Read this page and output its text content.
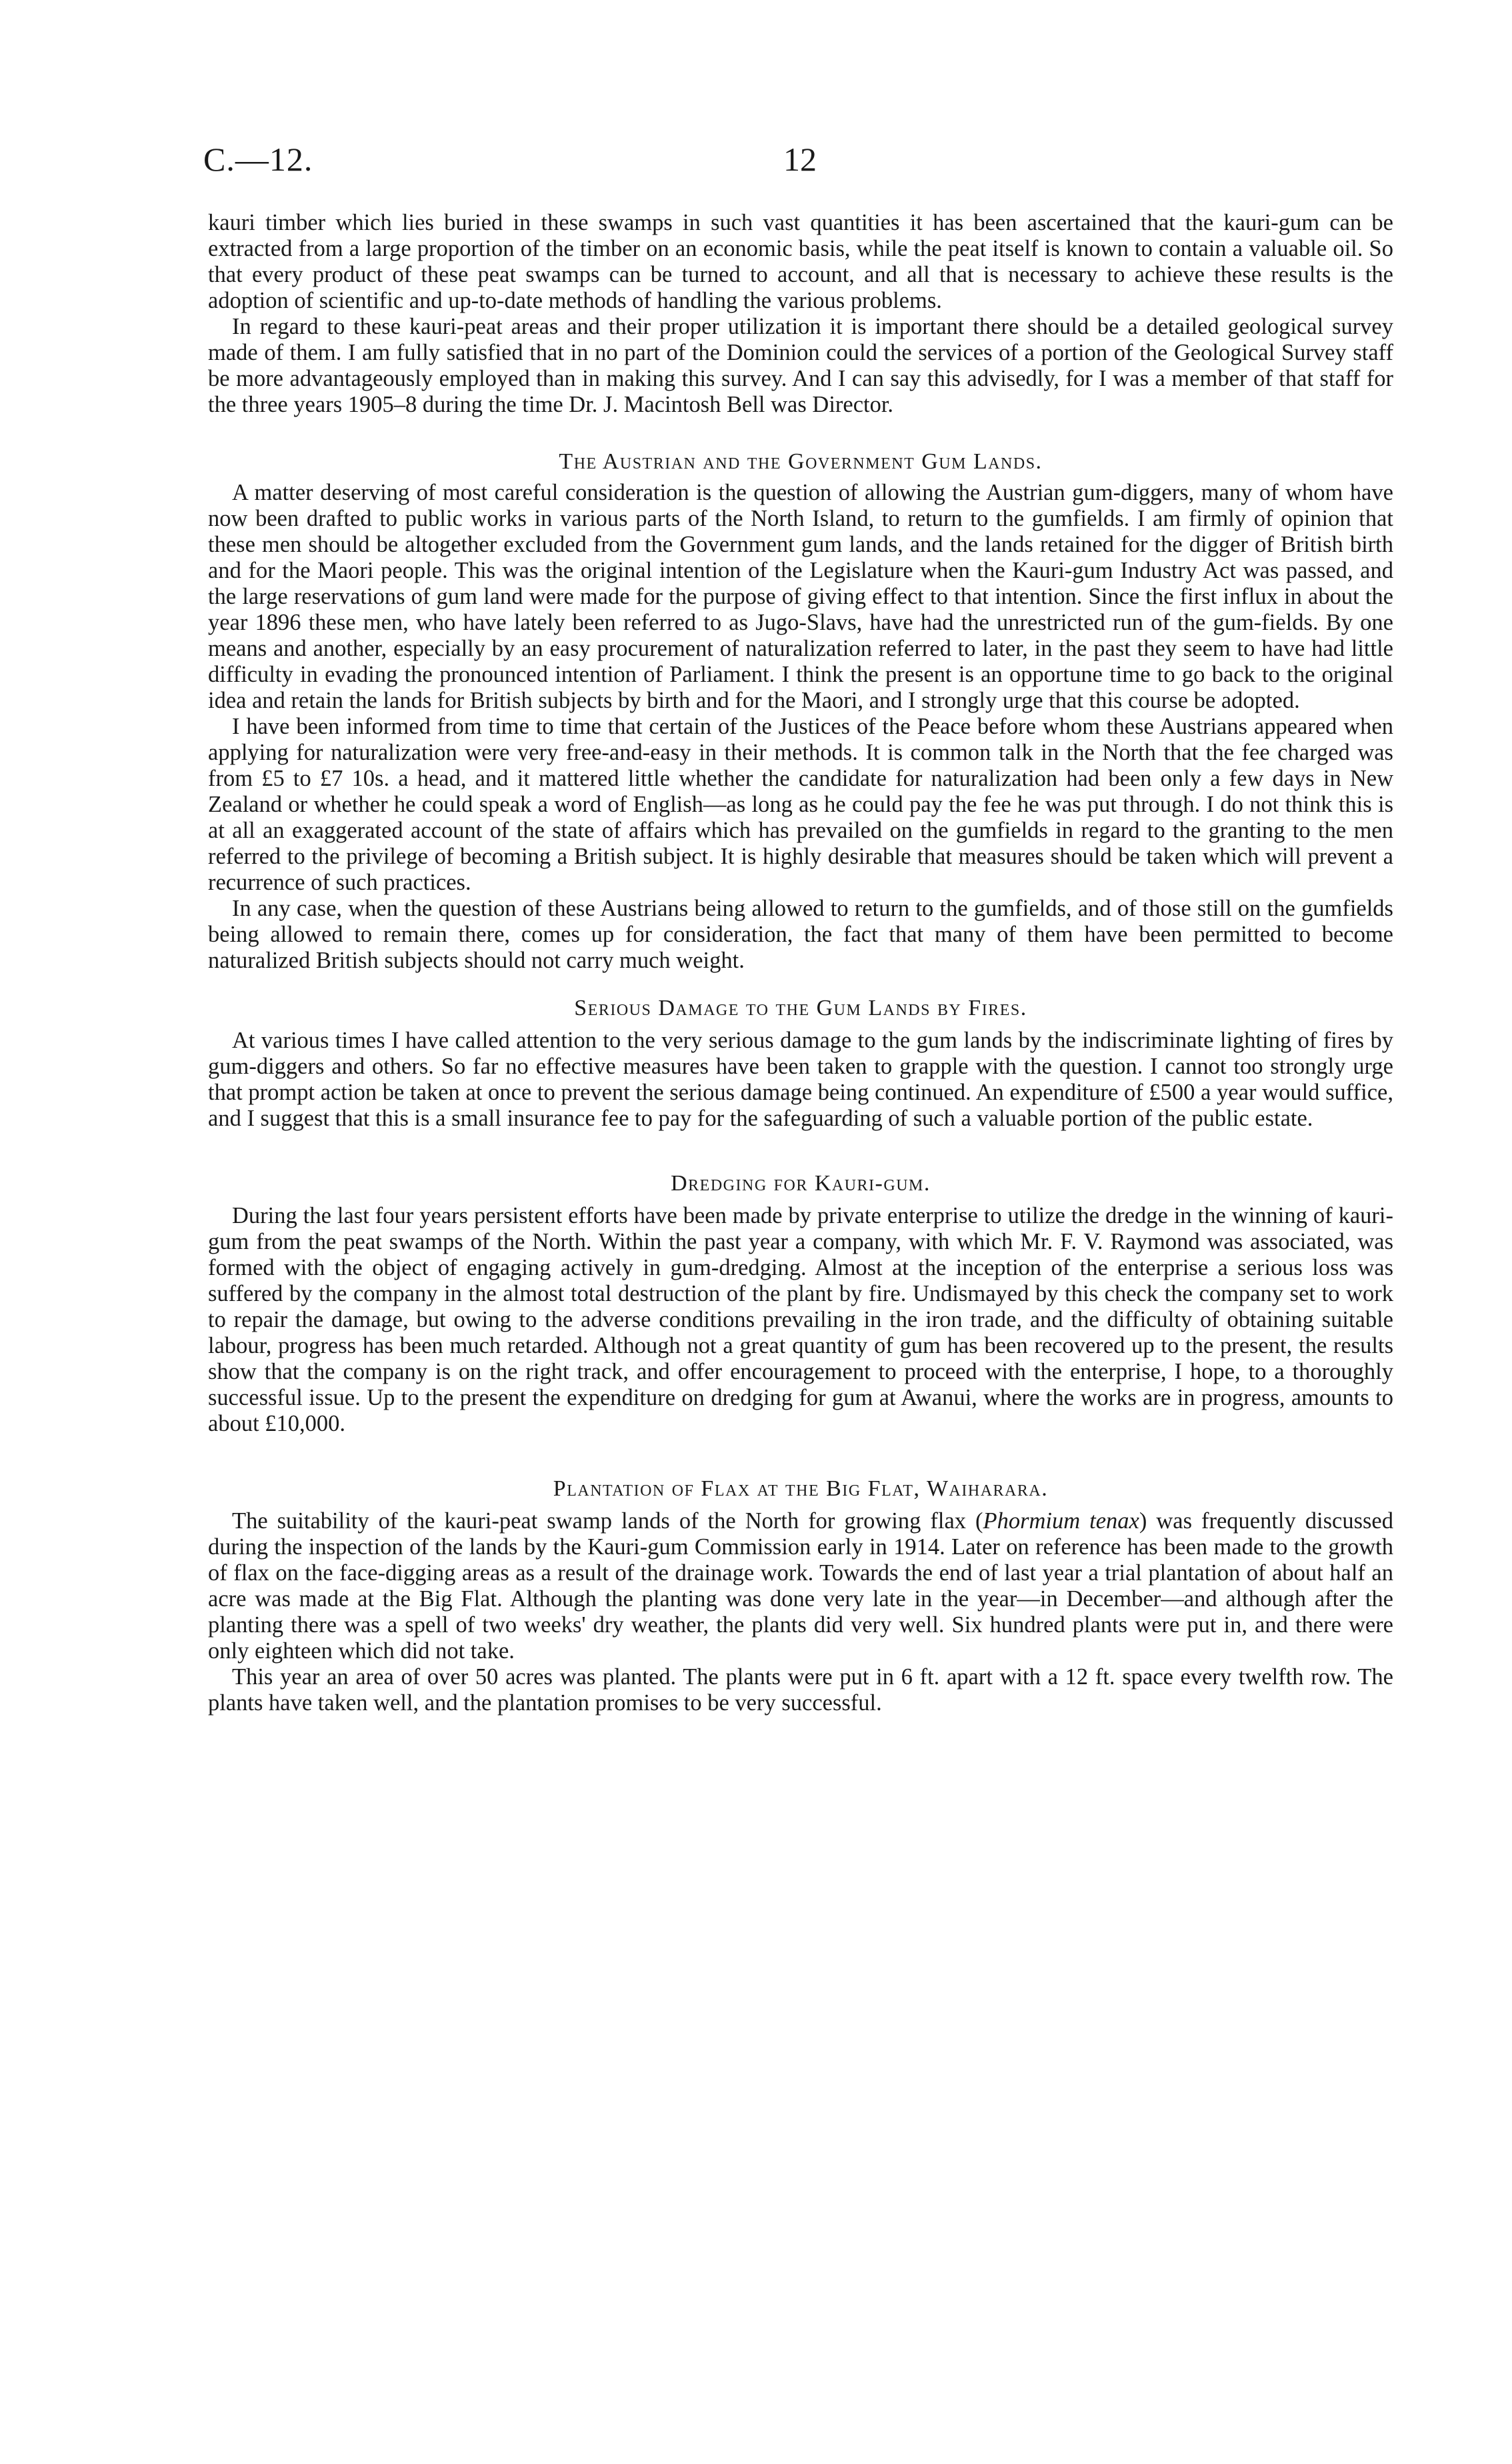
C.—12.	12

kauri timber which lies buried in these swamps in such vast quantities it has been ascertained that the kauri-gum can be extracted from a large proportion of the timber on an economic basis, while the peat itself is known to contain a valuable oil. So that every product of these peat swamps can be turned to account, and all that is necessary to achieve these results is the adoption of scientific and up-to-date methods of handling the various problems.

In regard to these kauri-peat areas and their proper utilization it is important there should be a detailed geological survey made of them. I am fully satisfied that in no part of the Dominion could the services of a portion of the Geological Survey staff be more advantageously employed than in making this survey. And I can say this advisedly, for I was a member of that staff for the three years 1905–8 during the time Dr. J. Macintosh Bell was Director.

The Austrian and the Government Gum Lands.

A matter deserving of most careful consideration is the question of allowing the Austrian gum-diggers, many of whom have now been drafted to public works in various parts of the North Island, to return to the gumfields. I am firmly of opinion that these men should be altogether excluded from the Government gum lands, and the lands retained for the digger of British birth and for the Maori people. This was the original intention of the Legislature when the Kauri-gum Industry Act was passed, and the large reservations of gum land were made for the purpose of giving effect to that intention. Since the first influx in about the year 1896 these men, who have lately been referred to as Jugo-Slavs, have had the unrestricted run of the gum-fields. By one means and another, especially by an easy procurement of naturalization referred to later, in the past they seem to have had little difficulty in evading the pronounced intention of Parliament. I think the present is an opportune time to go back to the original idea and retain the lands for British subjects by birth and for the Maori, and I strongly urge that this course be adopted.

I have been informed from time to time that certain of the Justices of the Peace before whom these Austrians appeared when applying for naturalization were very free-and-easy in their methods. It is common talk in the North that the fee charged was from £5 to £7 10s. a head, and it mattered little whether the candidate for naturalization had been only a few days in New Zealand or whether he could speak a word of English—as long as he could pay the fee he was put through. I do not think this is at all an exaggerated account of the state of affairs which has prevailed on the gumfields in regard to the granting to the men referred to the privilege of becoming a British subject. It is highly desirable that measures should be taken which will prevent a recurrence of such practices.

In any case, when the question of these Austrians being allowed to return to the gumfields, and of those still on the gumfields being allowed to remain there, comes up for consideration, the fact that many of them have been permitted to become naturalized British subjects should not carry much weight.

Serious Damage to the Gum Lands by Fires.

At various times I have called attention to the very serious damage to the gum lands by the indiscriminate lighting of fires by gum-diggers and others. So far no effective measures have been taken to grapple with the question. I cannot too strongly urge that prompt action be taken at once to prevent the serious damage being continued. An expenditure of £500 a year would suffice, and I suggest that this is a small insurance fee to pay for the safeguarding of such a valuable portion of the public estate.

Dredging for Kauri-gum.

During the last four years persistent efforts have been made by private enterprise to utilize the dredge in the winning of kauri-gum from the peat swamps of the North. Within the past year a company, with which Mr. F. V. Raymond was associated, was formed with the object of engaging actively in gum-dredging. Almost at the inception of the enterprise a serious loss was suffered by the company in the almost total destruction of the plant by fire. Undismayed by this check the company set to work to repair the damage, but owing to the adverse conditions prevailing in the iron trade, and the difficulty of obtaining suitable labour, progress has been much retarded. Although not a great quantity of gum has been recovered up to the present, the results show that the company is on the right track, and offer encouragement to proceed with the enterprise, I hope, to a thoroughly successful issue. Up to the present the expenditure on dredging for gum at Awanui, where the works are in progress, amounts to about £10,000.

Plantation of Flax at the Big Flat, Waiharara.

The suitability of the kauri-peat swamp lands of the North for growing flax (Phormium tenax) was frequently discussed during the inspection of the lands by the Kauri-gum Commission early in 1914. Later on reference has been made to the growth of flax on the face-digging areas as a result of the drainage work. Towards the end of last year a trial plantation of about half an acre was made at the Big Flat. Although the planting was done very late in the year—in December—and although after the planting there was a spell of two weeks' dry weather, the plants did very well. Six hundred plants were put in, and there were only eighteen which did not take.

This year an area of over 50 acres was planted. The plants were put in 6 ft. apart with a 12 ft. space every twelfth row. The plants have taken well, and the plantation promises to be very successful.
